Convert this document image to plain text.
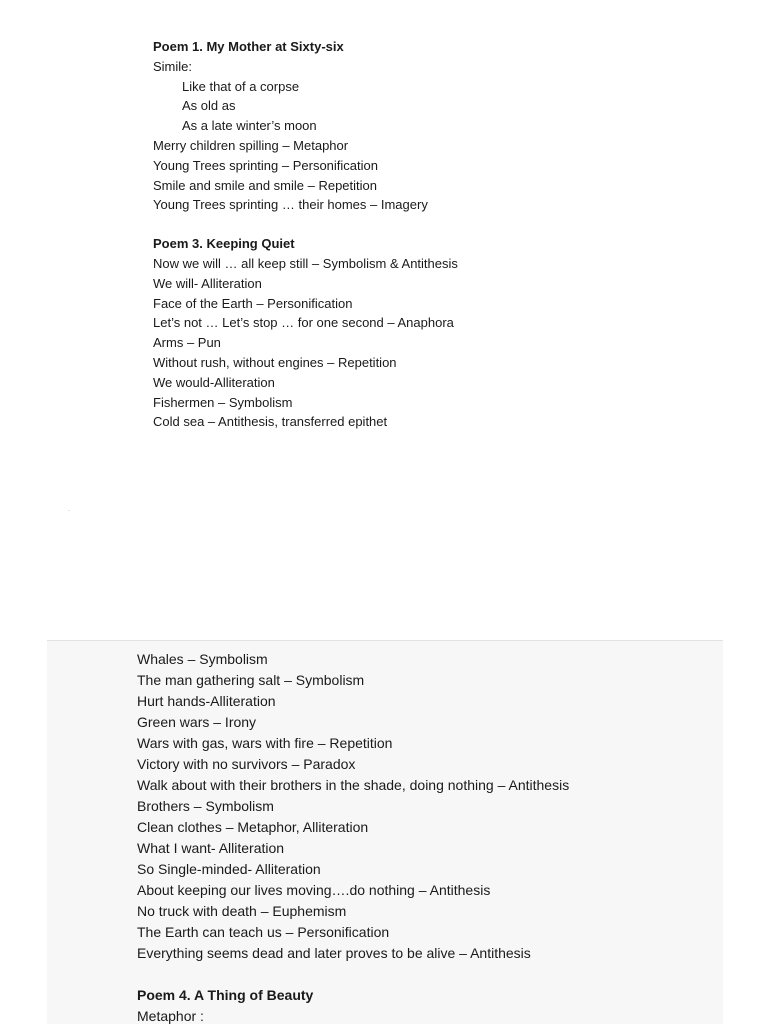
Poem 1. My Mother at Sixty-six
Simile:
Like that of a corpse
As old as
As a late winter’s moon
Merry children spilling – Metaphor
Young Trees sprinting – Personification
Smile and smile and smile – Repetition
Young Trees sprinting … their homes – Imagery
Poem 3. Keeping Quiet
Now we will … all keep still – Symbolism & Antithesis
We will- Alliteration
Face of the Earth – Personification
Let’s not … Let’s stop … for one second – Anaphora
Arms – Pun
Without rush, without engines – Repetition
We would-Alliteration
Fishermen – Symbolism
Cold sea – Antithesis, transferred epithet
Whales – Symbolism
The man gathering salt – Symbolism
Hurt hands-Alliteration
Green wars – Irony
Wars with gas, wars with fire – Repetition
Victory with no survivors – Paradox
Walk about with their brothers in the shade, doing nothing – Antithesis
Brothers – Symbolism
Clean clothes – Metaphor, Alliteration
What I want- Alliteration
So Single-minded- Alliteration
About keeping our lives moving….do nothing – Antithesis
No truck with death – Euphemism
The Earth can teach us – Personification
Everything seems dead and later proves to be alive – Antithesis
Poem 4. A Thing of Beauty
Metaphor :
